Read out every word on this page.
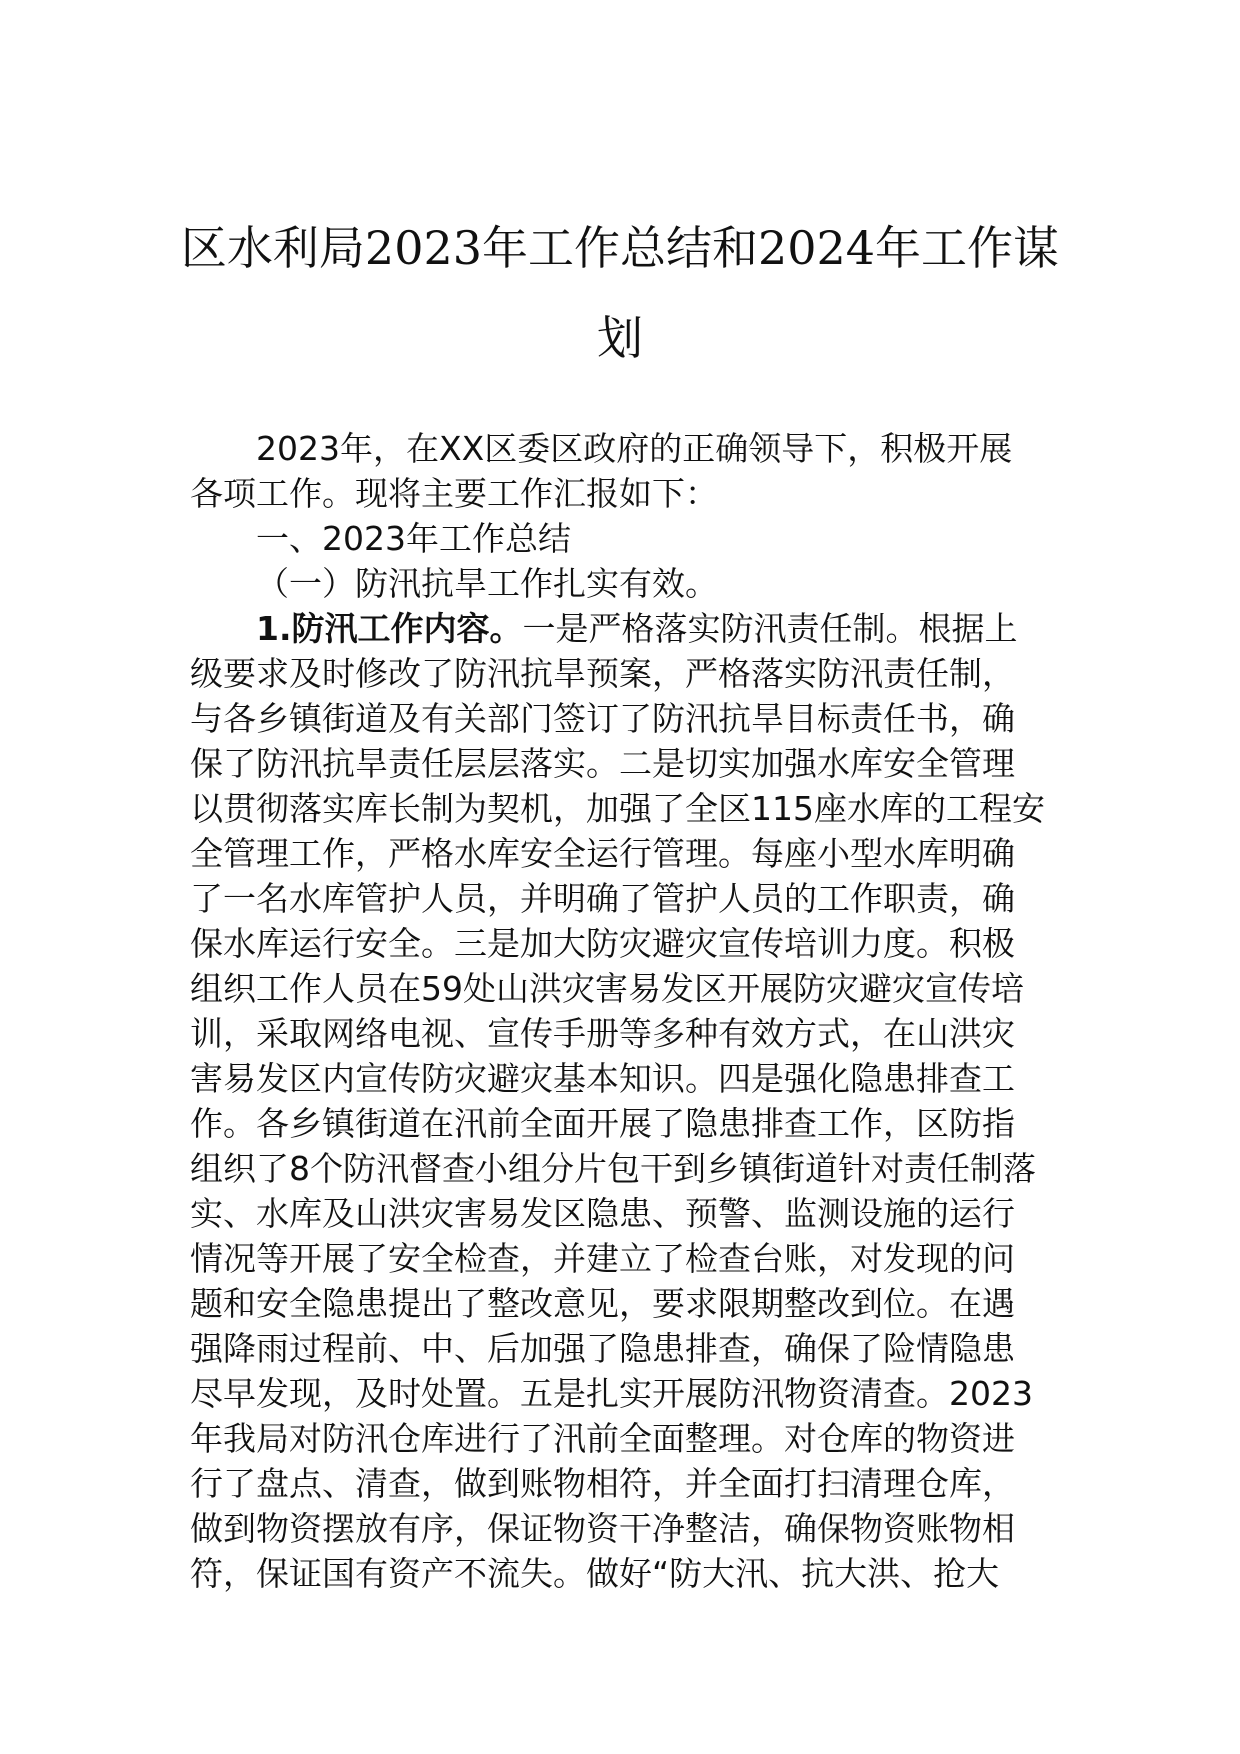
区水利局2023年工作总结和2024年工作谋
划
2023年，在XX区委区政府的正确领导下，积极开展
各项工作。现将主要工作汇报如下：
一、2023年工作总结
（一）防汛抗旱工作扎实有效。
1.防汛工作内容。一是严格落实防汛责任制。根据上
级要求及时修改了防汛抗旱预案，严格落实防汛责任制，
与各乡镇街道及有关部门签订了防汛抗旱目标责任书，确
保了防汛抗旱责任层层落实。二是切实加强水库安全管理
以贯彻落实库长制为契机，加强了全区115座水库的工程安
全管理工作，严格水库安全运行管理。每座小型水库明确
了一名水库管护人员，并明确了管护人员的工作职责，确
保水库运行安全。三是加大防灾避灾宣传培训力度。积极
组织工作人员在59处山洪灾害易发区开展防灾避灾宣传培
训，采取网络电视、宣传手册等多种有效方式，在山洪灾
害易发区内宣传防灾避灾基本知识。四是强化隐患排查工
作。各乡镇街道在汛前全面开展了隐患排查工作，区防指
组织了8个防汛督查小组分片包干到乡镇街道针对责任制落
实、水库及山洪灾害易发区隐患、预警、监测设施的运行
情况等开展了安全检查，并建立了检查台账，对发现的问
题和安全隐患提出了整改意见，要求限期整改到位。在遇
强降雨过程前、中、后加强了隐患排查，确保了险情隐患
尽早发现，及时处置。五是扎实开展防汛物资清查。2023
年我局对防汛仓库进行了汛前全面整理。对仓库的物资进
行了盘点、清查，做到账物相符，并全面打扫清理仓库，
做到物资摆放有序，保证物资干净整洁，确保物资账物相
符，保证国有资产不流失。做好“防大汛、抗大洪、抢大
